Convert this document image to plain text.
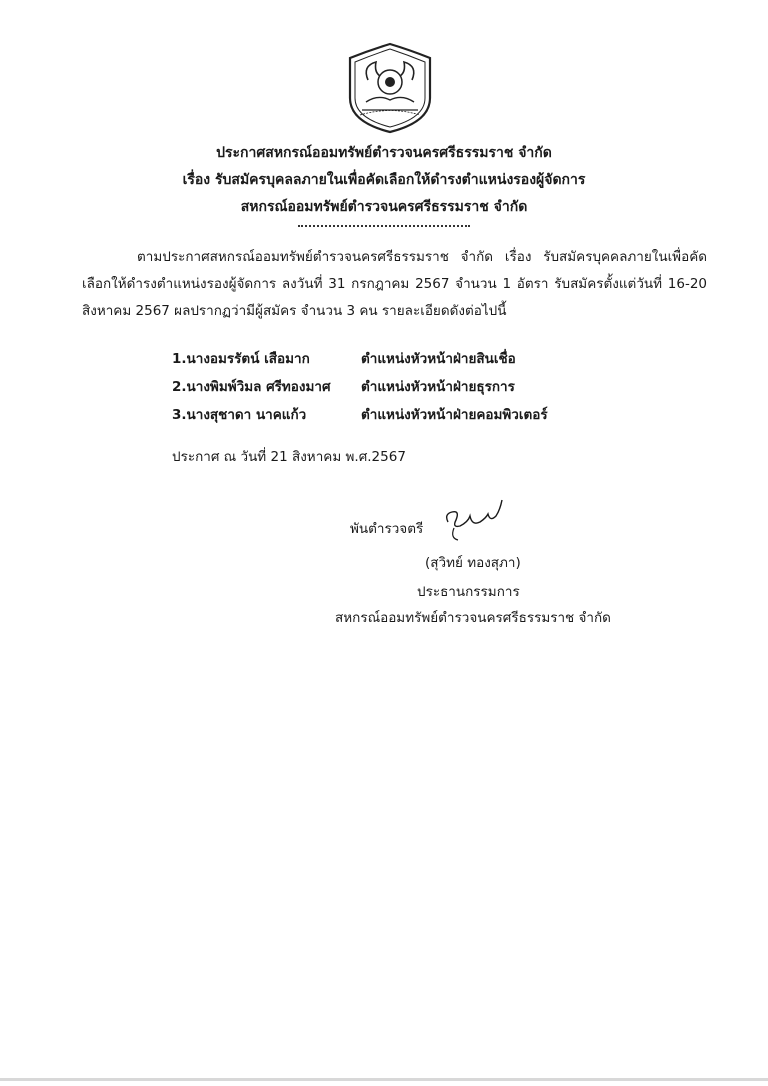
ประกาศสหกรณ์ออมทรัพย์ตำรวจนครศรีธรรมราช จำกัด
เรื่อง รับสมัครบุคลลภายในเพื่อคัดเลือกให้ดำรงตำแหน่งรองผู้จัดการ
สหกรณ์ออมทรัพย์ตำรวจนครศรีธรรมราช จำกัด

ตามประกาศสหกรณ์ออมทรัพย์ตำรวจนครศรีธรรมราช จำกัด เรื่อง รับสมัครบุคคลภายในเพื่อคัดเลือกให้ดำรงตำแหน่งรองผู้จัดการ ลงวันที่ 31 กรกฎาคม 2567 จำนวน 1 อัตรา รับสมัครตั้งแต่วันที่ 16-20 สิงหาคม 2567 ผลปรากฏว่ามีผู้สมัคร จำนวน 3 คน รายละเอียดดังต่อไปนี้

1.นางอมรรัตน์ เสือมาก	ตำแหน่งหัวหน้าฝ่ายสินเชื่อ
2.นางพิมพ์วิมล ศรีทองมาศ ตำแหน่งหัวหน้าฝ่ายธุรการ
3.นางสุชาดา นาคแก้ว	ตำแหน่งหัวหน้าฝ่ายคอมพิวเตอร์
ประกาศ ณ วันที่ 21 สิงหาคม พ.ศ.2567
พันตำรวจตรี
(สุวิทย์ ทองสุภา)
ประธานกรรมการ
สหกรณ์ออมทรัพย์ตำรวจนครศรีธรรมราช จำกัด
